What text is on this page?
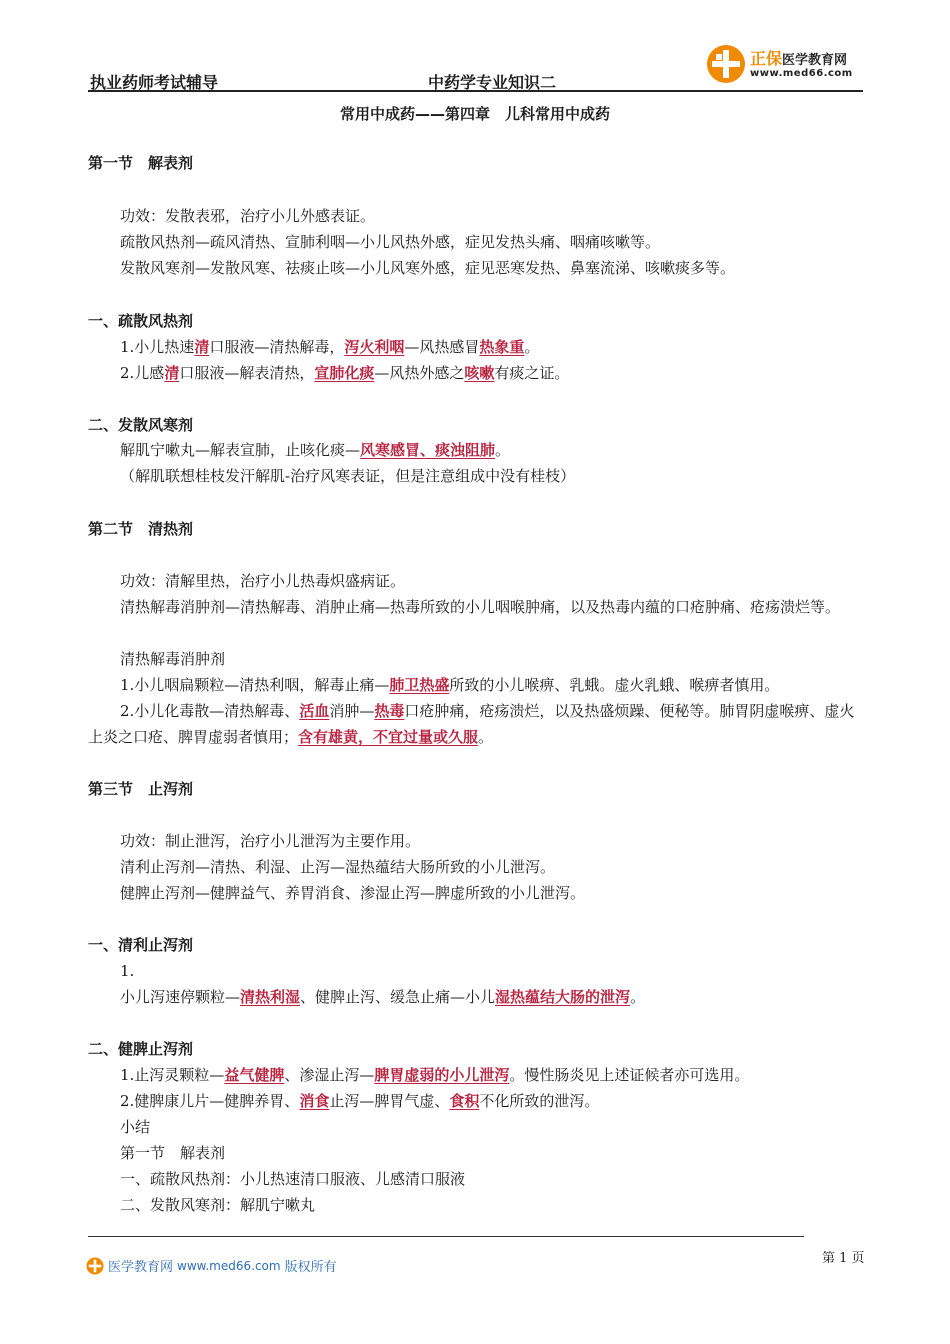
执业药师考试辅导	中药学专业知识二
正保医学教育网
www.med66.com
常用中成药——第四章　儿科常用中成药
第一节　解表剂
功效：发散表邪，治疗小儿外感表证。
疏散风热剂—疏风清热、宣肺利咽—小儿风热外感，症见发热头痛、咽痛咳嗽等。
发散风寒剂—发散风寒、祛痰止咳—小儿风寒外感，症见恶寒发热、鼻塞流涕、咳嗽痰多等。
一、疏散风热剂
1.小儿热速清口服液—清热解毒，泻火利咽—风热感冒热象重。
2.儿感清口服液—解表清热，宣肺化痰—风热外感之咳嗽有痰之证。
二、发散风寒剂
解肌宁嗽丸—解表宣肺，止咳化痰—风寒感冒、痰浊阻肺。
（解肌联想桂枝发汗解肌-治疗风寒表证，但是注意组成中没有桂枝）
第二节　清热剂
功效：清解里热，治疗小儿热毒炽盛病证。
清热解毒消肿剂—清热解毒、消肿止痛—热毒所致的小儿咽喉肿痛，以及热毒内蕴的口疮肿痛、疮疡溃烂等。
清热解毒消肿剂
1.小儿咽扁颗粒—清热利咽，解毒止痛—肺卫热盛所致的小儿喉痹、乳蛾。虚火乳蛾、喉痹者慎用。
2.小儿化毒散—清热解毒、活血消肿—热毒口疮肿痛，疮疡溃烂，以及热盛烦躁、便秘等。肺胃阴虚喉痹、虚火上炎之口疮、脾胃虚弱者慎用；含有雄黄，不宜过量或久服。
第三节　止泻剂
功效：制止泄泻，治疗小儿泄泻为主要作用。
清利止泻剂—清热、利湿、止泻—湿热蕴结大肠所致的小儿泄泻。
健脾止泻剂—健脾益气、养胃消食、渗湿止泻—脾虚所致的小儿泄泻。
一、清利止泻剂
1.
小儿泻速停颗粒—清热利湿、健脾止泻、缓急止痛—小儿湿热蕴结大肠的泄泻。
二、健脾止泻剂
1.止泻灵颗粒—益气健脾、渗湿止泻—脾胃虚弱的小儿泄泻。慢性肠炎见上述证候者亦可选用。
2.健脾康儿片—健脾养胃、消食止泻—脾胃气虚、食积不化所致的泄泻。
小结
第一节　解表剂
一、疏散风热剂：小儿热速清口服液、儿感清口服液
二、发散风寒剂：解肌宁嗽丸
医学教育网 www.med66.com 版权所有
第 1 页
